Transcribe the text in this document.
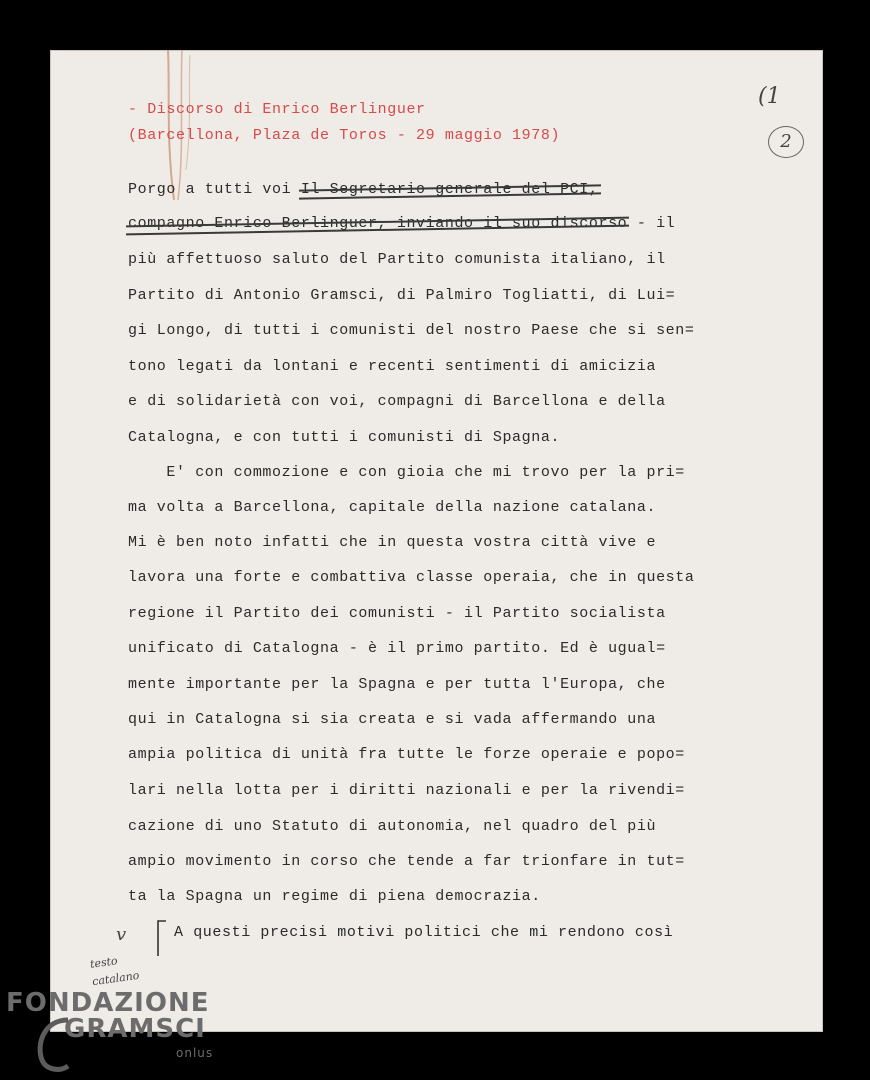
- Discorso di Enrico Berlinguer
(Barcellona, Plaza de Toros - 29 maggio 1978)
(1
2
Porgo a tutti voi Il Segretario generale del PCI,
compagno Enrico Berlinguer, inviando il suo discorso - il
più affettuoso saluto del Partito comunista italiano, il
Partito di Antonio Gramsci, di Palmiro Togliatti, di Lui=
gi Longo, di tutti i comunisti del nostro Paese che si sen=
tono legati da lontani e recenti sentimenti di amicizia
e di solidarietà con voi, compagni di Barcellona e della
Catalogna, e con tutti i comunisti di Spagna.
E' con commozione e con gioia che mi trovo per la pri=
ma volta a Barcellona, capitale della nazione catalana.
Mi è ben noto infatti che in questa vostra città vive e
lavora una forte e combattiva classe operaia, che in questa
regione il Partito dei comunisti - il Partito socialista
unificato di Catalogna - è il primo partito. Ed è ugual=
mente importante per la Spagna e per tutta l'Europa, che
qui in Catalogna si sia creata e si vada affermando una
ampia politica di unità fra tutte le forze operaie e popo=
lari nella lotta per i diritti nazionali e per la rivendi=
cazione di uno Statuto di autonomia, nel quadro del più
ampio movimento in corso che tende a far trionfare in tut=
ta la Spagna un regime di piena democrazia.
v	A questi precisi motivi politici che mi rendono così
testo
catalano
FONDAZIONE
GRAMSCI
onlus
